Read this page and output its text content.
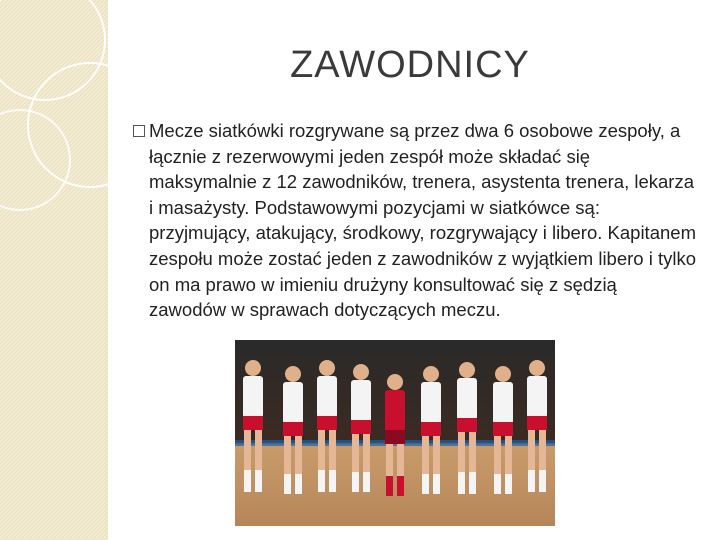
ZAWODNICY
Mecze siatkówki rozgrywane są przez dwa 6 osobowe zespoły, a łącznie z rezerwowymi jeden zespół może składać się maksymalnie z 12 zawodników, trenera, asystenta trenera, lekarza i masażysty. Podstawowymi pozycjami w siatkówce są: przyjmujący, atakujący, środkowy, rozgrywający i libero. Kapitanem zespołu może zostać jeden z zawodników z wyjątkiem libero i tylko on ma prawo w imieniu drużyny konsultować się z sędzią zawodów w sprawach dotyczących meczu.
